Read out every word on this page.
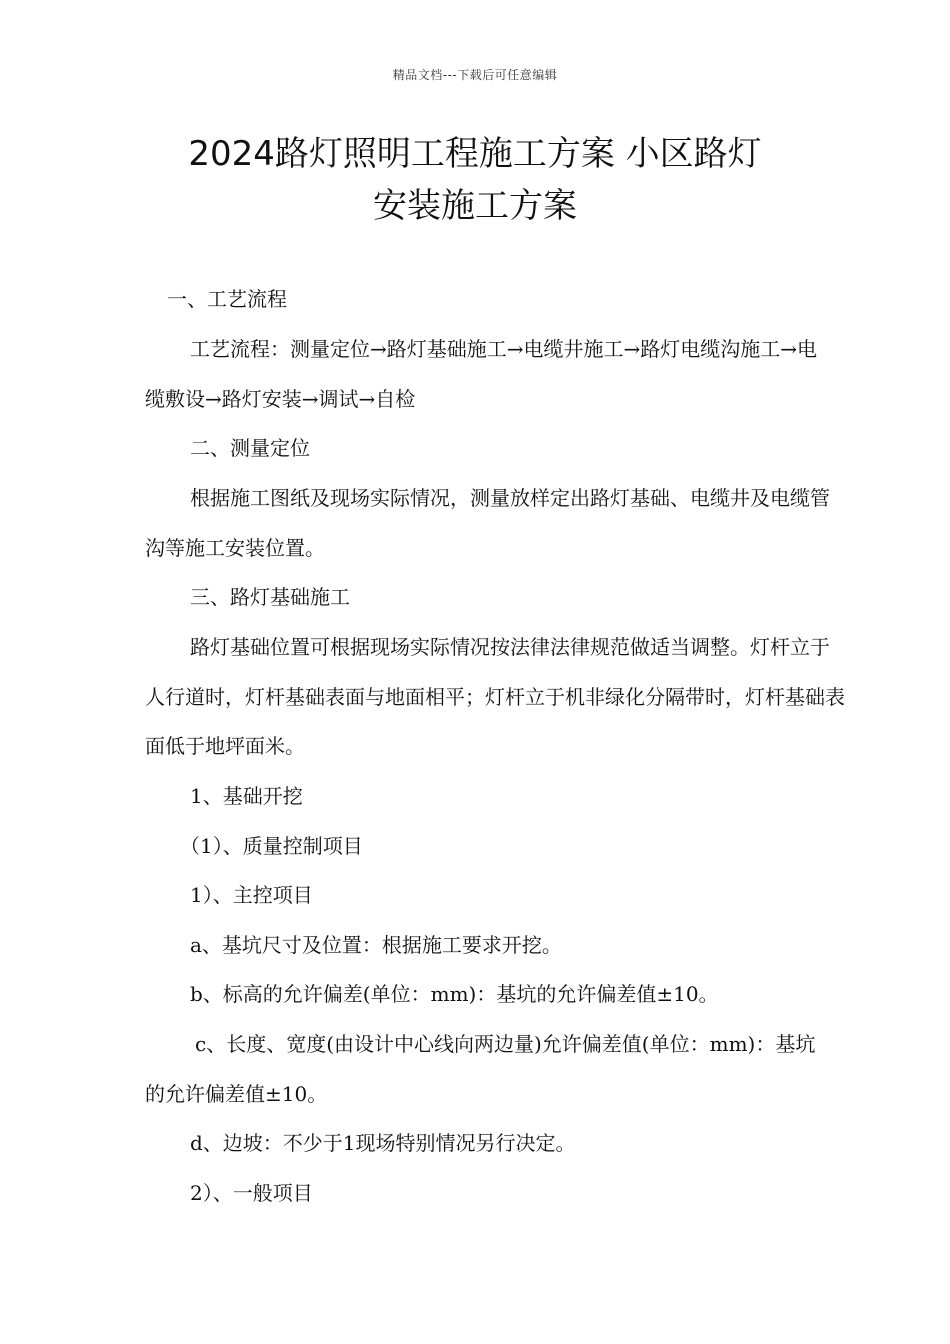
精品文档---下载后可任意编辑
2024路灯照明工程施工方案 小区路灯
安装施工方案

一、工艺流程

工艺流程：测量定位→路灯基础施工→电缆井施工→路灯电缆沟施工→电缆敷设→路灯安装→调试→自检

二、测量定位

根据施工图纸及现场实际情况，测量放样定出路灯基础、电缆井及电缆管沟等施工安装位置。

三、路灯基础施工

路灯基础位置可根据现场实际情况按法律法律规范做适当调整。灯杆立于人行道时，灯杆基础表面与地面相平；灯杆立于机非绿化分隔带时，灯杆基础表面低于地坪面米。

1、基础开挖

（1）、质量控制项目

1）、主控项目

a、基坑尺寸及位置：根据施工要求开挖。

b、标高的允许偏差(单位：mm)：基坑的允许偏差值±10。

c、长度、宽度(由设计中心线向两边量)允许偏差值(单位：mm)：基坑的允许偏差值±10。

d、边坡：不少于1现场特别情况另行决定。

2）、一般项目
